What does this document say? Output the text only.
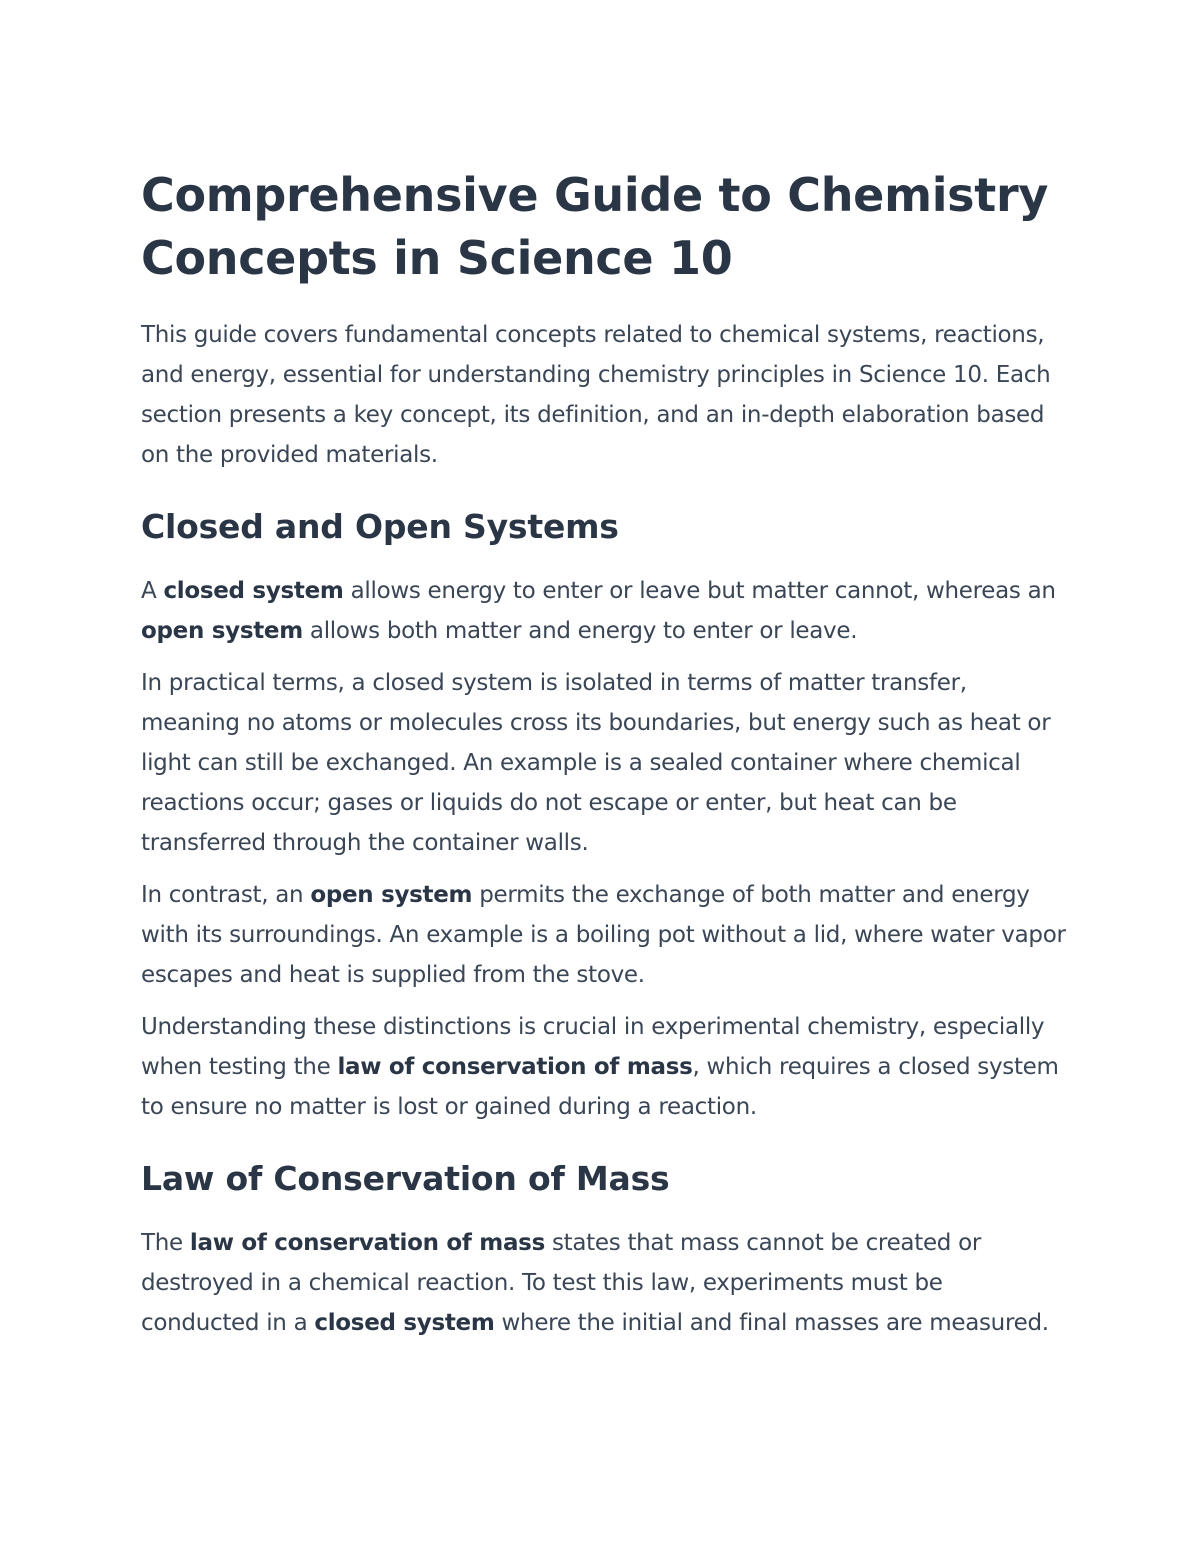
Comprehensive Guide to Chemistry Concepts in Science 10

This guide covers fundamental concepts related to chemical systems, reactions, and energy, essential for understanding chemistry principles in Science 10. Each section presents a key concept, its definition, and an in-depth elaboration based on the provided materials.

Closed and Open Systems

A closed system allows energy to enter or leave but matter cannot, whereas an open system allows both matter and energy to enter or leave.

In practical terms, a closed system is isolated in terms of matter transfer, meaning no atoms or molecules cross its boundaries, but energy such as heat or light can still be exchanged. An example is a sealed container where chemical reactions occur; gases or liquids do not escape or enter, but heat can be transferred through the container walls.

In contrast, an open system permits the exchange of both matter and energy with its surroundings. An example is a boiling pot without a lid, where water vapor escapes and heat is supplied from the stove.

Understanding these distinctions is crucial in experimental chemistry, especially when testing the law of conservation of mass, which requires a closed system to ensure no matter is lost or gained during a reaction.

Law of Conservation of Mass

The law of conservation of mass states that mass cannot be created or destroyed in a chemical reaction. To test this law, experiments must be conducted in a closed system where the initial and final masses are measured.
